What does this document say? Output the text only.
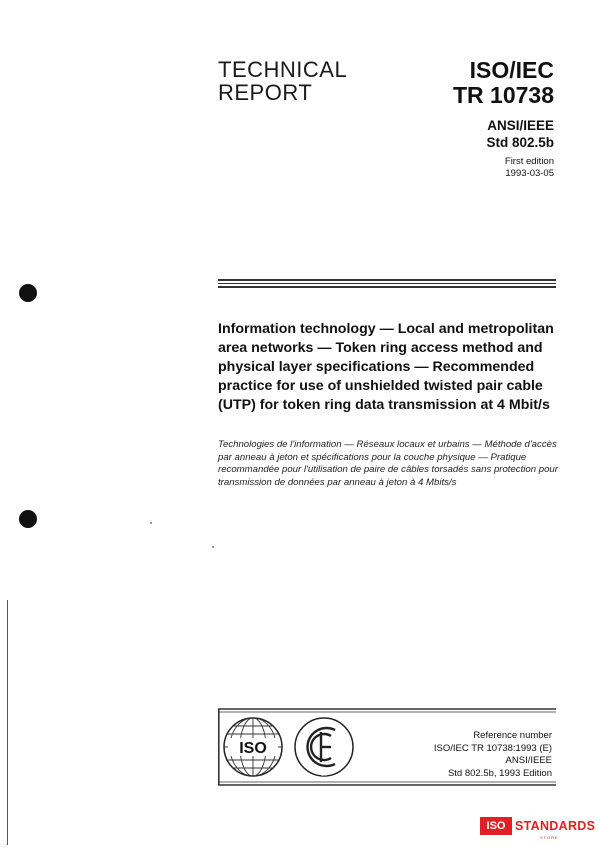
TECHNICAL
REPORT
ISO/IEC
TR 10738
ANSI/IEEE
Std 802.5b
First edition
1993-03-05
Information technology — Local and metropolitan
area networks — Token ring access method and
physical layer specifications — Recommended
practice for use of unshielded twisted pair cable
(UTP) for token ring data transmission at 4 Mbit/s
Technologies de l'information — Réseaux locaux et urbains — Méthode d'accès
par anneau à jeton et spécifications pour la couche physique — Pratique
recommandée pour l'utilisation de paire de câbles torsadés sans protection pour
transmission de données par anneau à jeton à 4 Mbits/s
ISO
IEC
Reference number
ISO/IEC TR 10738:1993 (E)
ANSI/IEEE
Std 802.5b, 1993 Edition
ISO STANDARDS
STORE
